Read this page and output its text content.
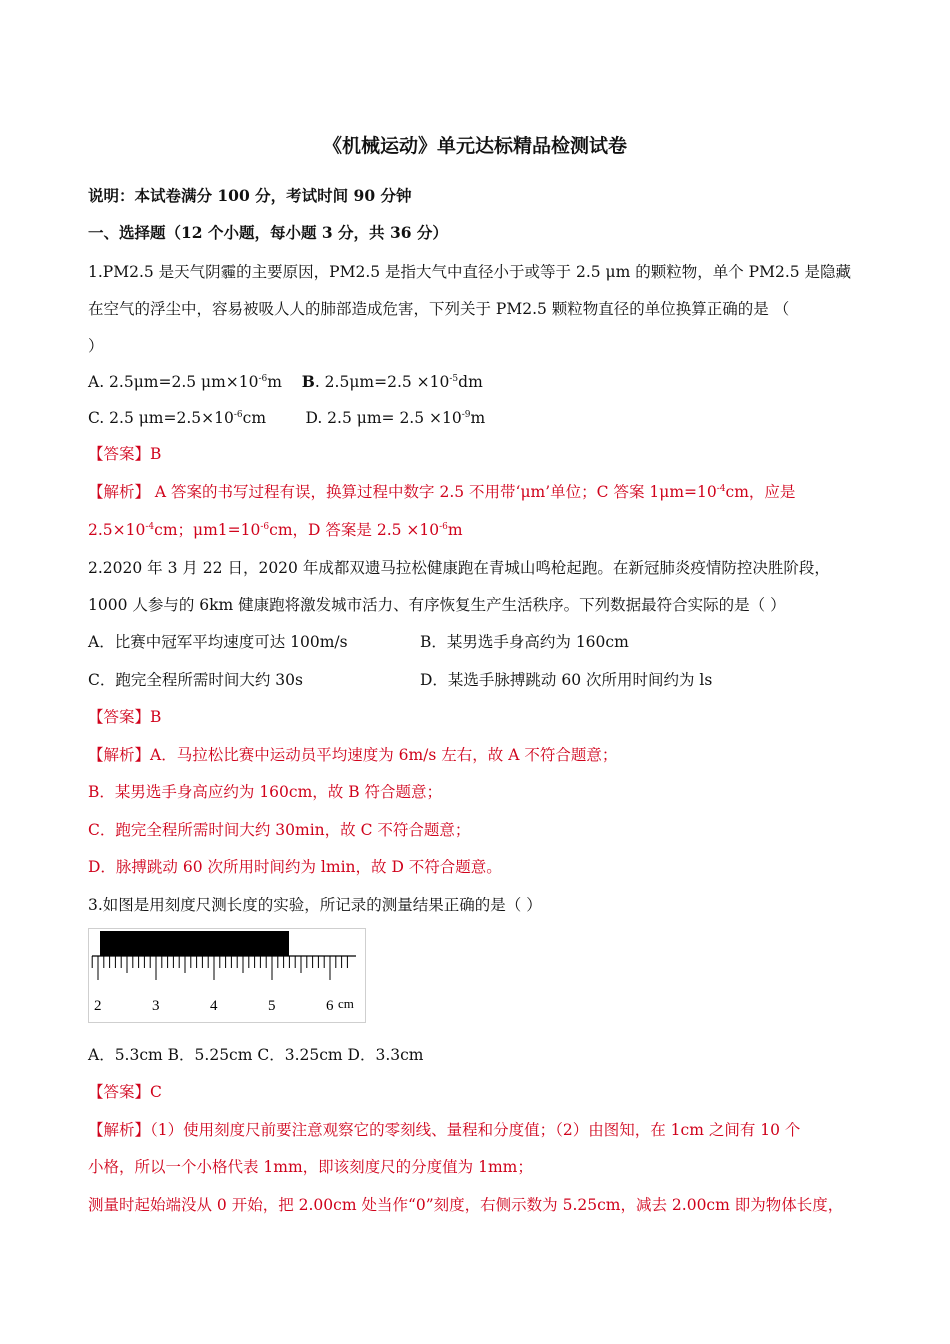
《机械运动》单元达标精品检测试卷
说明：本试卷满分 100 分，考试时间 90 分钟
一、选择题（12 个小题，每小题 3 分，共 36 分）
1.PM2.5 是天气阴霾的主要原因，PM2.5 是指大气中直径小于或等于 2.5 μm 的颗粒物，单个 PM2.5 是隐藏
在空气的浮尘中，容易被吸人人的肺部造成危害，下列关于 PM2.5 颗粒物直径的单位换算正确的是 （
）
A. 2.5μm=2.5 $\mu m\times 10^{-6}m$ B. $2.5\mu m=2.5 \times 10^{-5}dm$
C. 2.5 $\mu m=2.5\times 10^{-6}cm$	D. 2.5 $\mu m= 2.5 \times 10^{-9}m$
【答案】B
【解析】 A 答案的书写过程有误，换算过程中数字 2.5 不用带‘μm’单位；C 答案 $1\mu m=10^{-4}cm$，应是
$2.5\times 10^{-4}cm$；$\mu m1=10^{-6}cm$，D 答案是 $2.5 \times 10^{-6}m$
2.2020 年 3 月 22 日，2020 年成都双遗马拉松健康跑在青城山鸣枪起跑。在新冠肺炎疫情防控决胜阶段，
1000 人参与的 6km 健康跑将激发城市活力、有序恢复生产生活秩序。下列数据最符合实际的是（ ）
A．比赛中冠军平均速度可达 100m/s	B．某男选手身高约为 160cm
C．跑完全程所需时间大约 30s	D．某选手脉搏跳动 60 次所用时间约为 ls
【答案】B
【解析】A．马拉松比赛中运动员平均速度为 6m/s 左右，故 A 不符合题意；
B．某男选手身高应约为 160cm，故 B 符合题意；
C．跑完全程所需时间大约 30min，故 C 不符合题意；
D．脉搏跳动 60 次所用时间约为 lmin，故 D 不符合题意。
3.如图是用刻度尺测长度的实验，所记录的测量结果正确的是（ ）
2	3	4	5	6 cm
A．5.3cm B．5.25cm C．3.25cm D．3.3cm
【答案】C
【解析】（1）使用刻度尺前要注意观察它的零刻线、量程和分度值；（2）由图知，在 1cm 之间有 10 个
小格，所以一个小格代表 1mm，即该刻度尺的分度值为 1mm；
测量时起始端没从 0 开始，把 2.00cm 处当作“0”刻度，右侧示数为 5.25cm，减去 2.00cm 即为物体长度，
